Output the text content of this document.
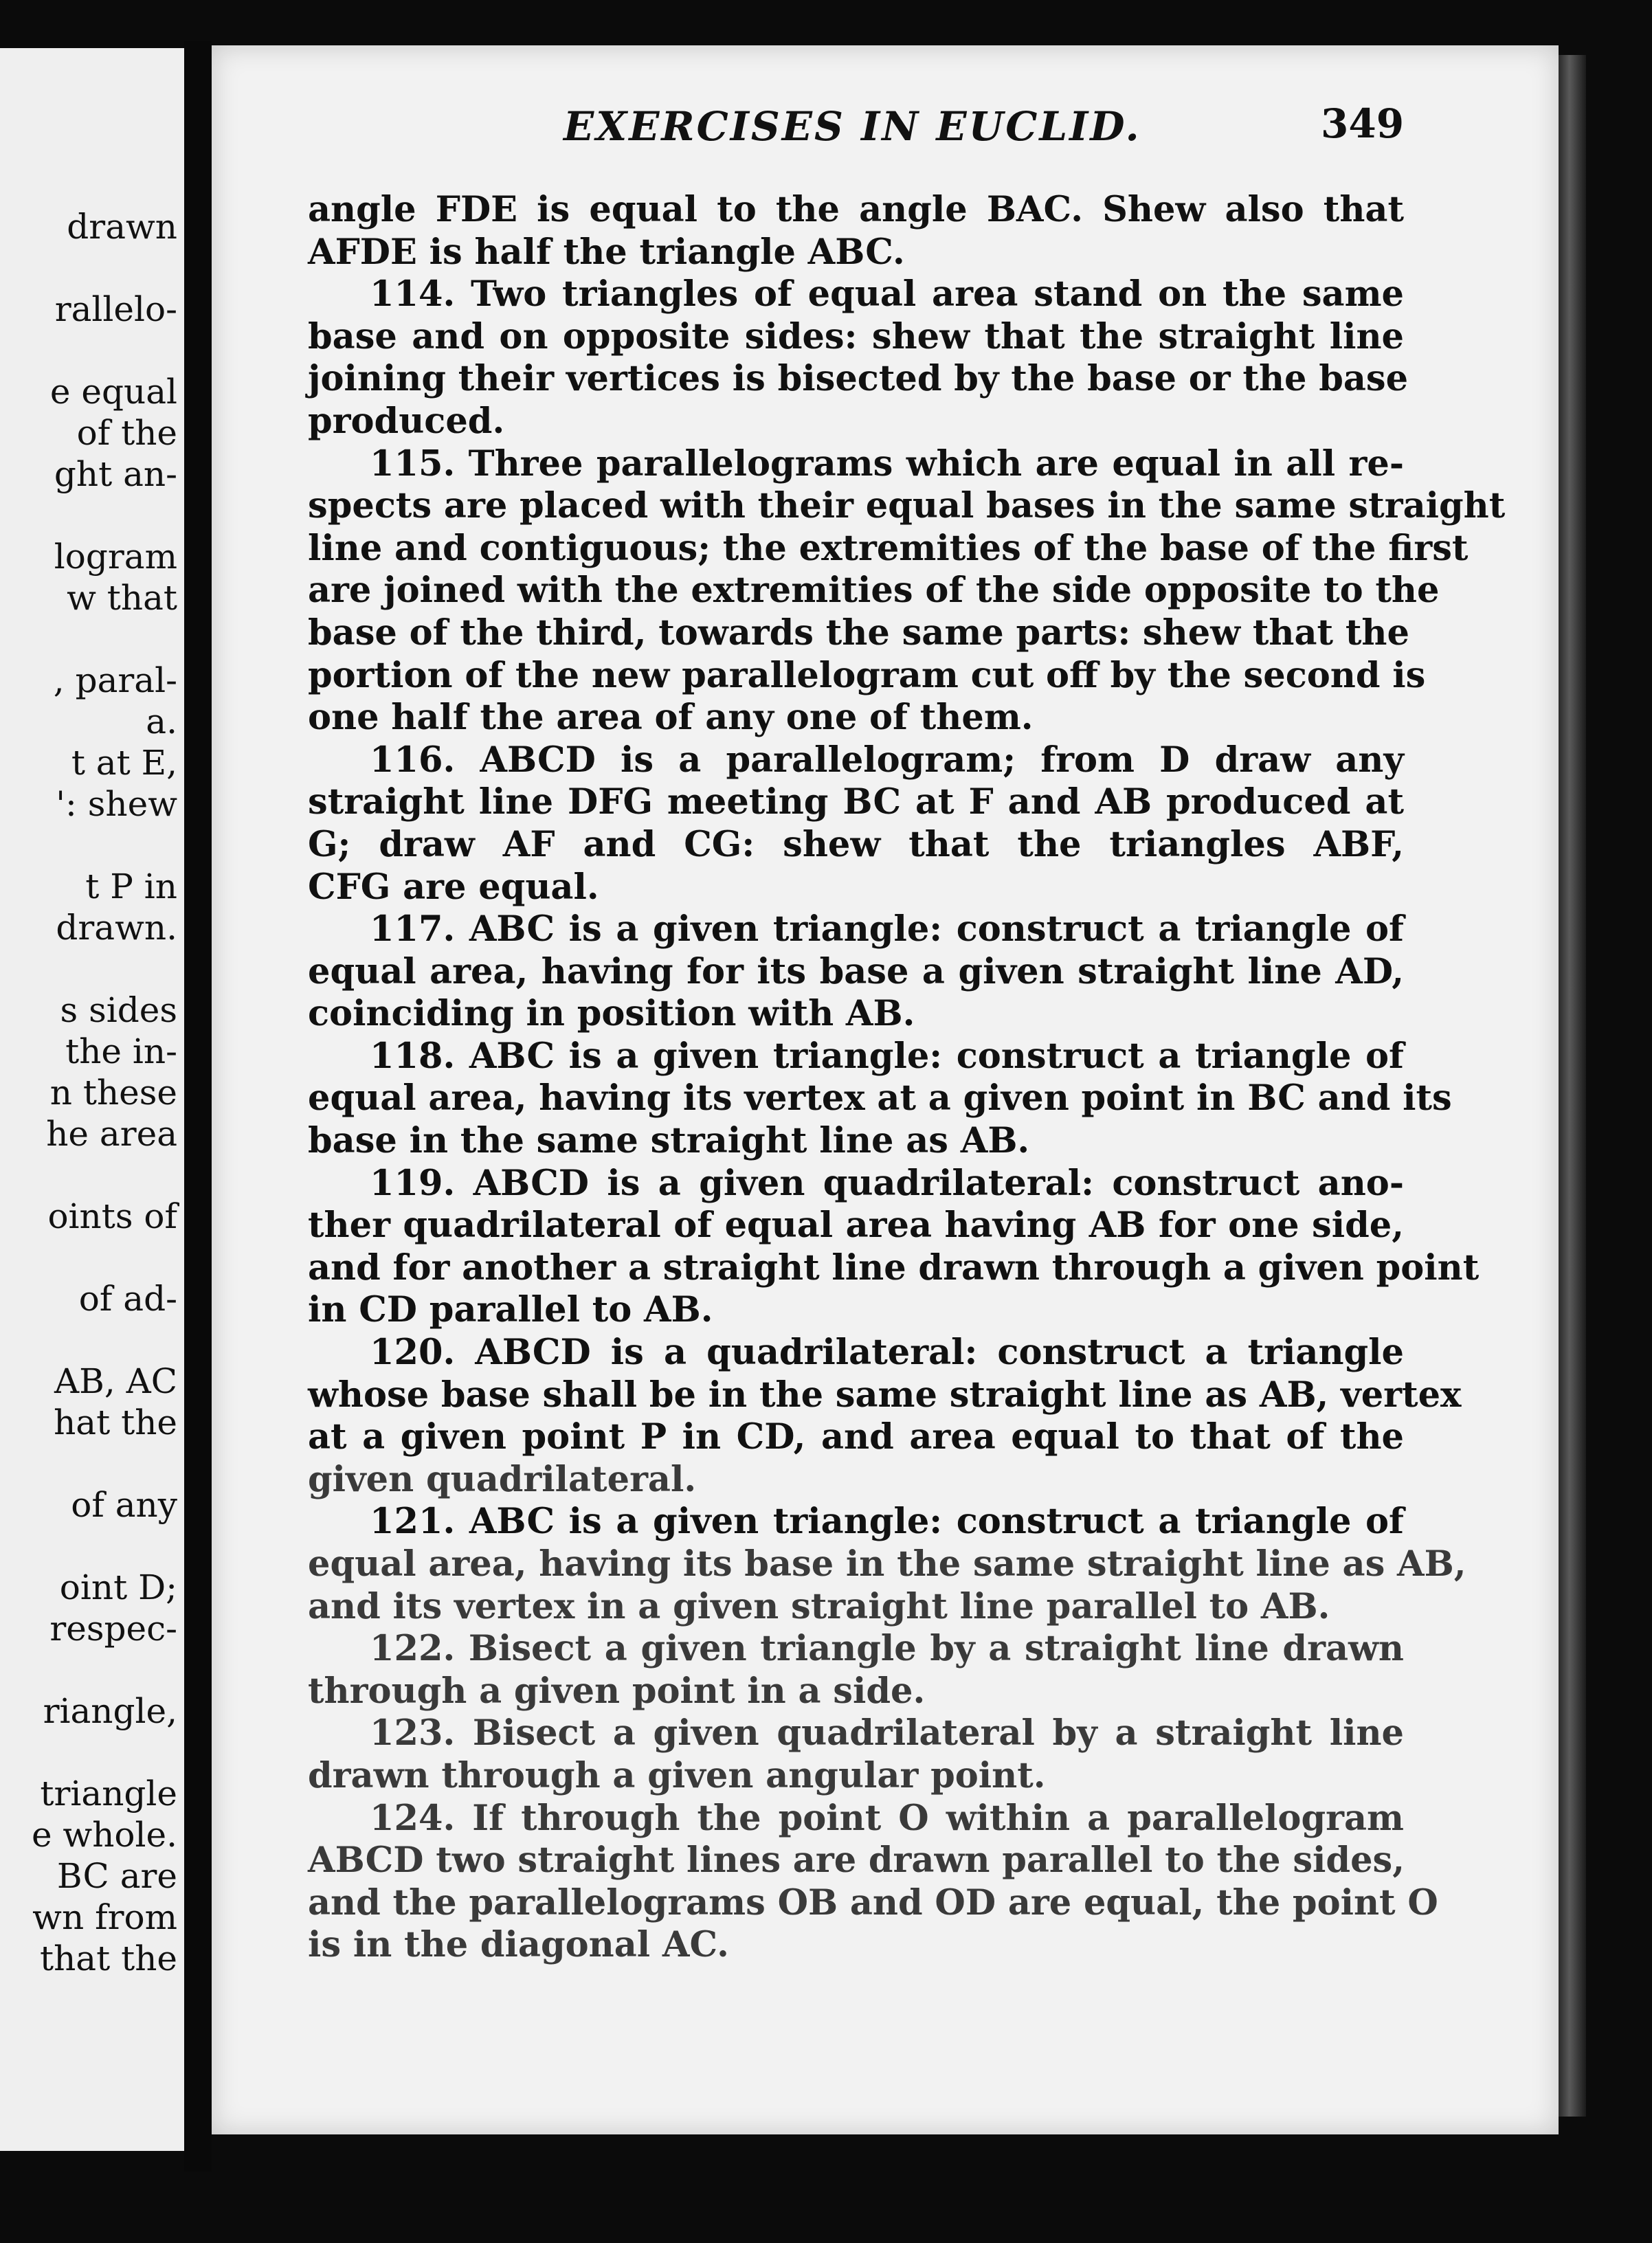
drawn
rallelo-
e equal
of the
ght an-
logram
w that
, paral-
a.
t at E,
': shew
t P in
drawn.
s sides
the in-
n these
he area
oints of
of ad-
AB, AC
hat the
of any
oint D;
respec-
riangle,
triangle
e whole.
BC are
wn from
that the
EXERCISES IN EUCLID.	349
angle FDE is equal to the angle BAC. Shew also that
AFDE is half the triangle ABC.
114. Two triangles of equal area stand on the same
base and on opposite sides: shew that the straight line
joining their vertices is bisected by the base or the base
produced.
115. Three parallelograms which are equal in all re-
spects are placed with their equal bases in the same straight
line and contiguous; the extremities of the base of the first
are joined with the extremities of the side opposite to the
base of the third, towards the same parts: shew that the
portion of the new parallelogram cut off by the second is
one half the area of any one of them.
116. ABCD is a parallelogram; from D draw any
straight line DFG meeting BC at F and AB produced at
G; draw AF and CG: shew that the triangles ABF,
CFG are equal.
117. ABC is a given triangle: construct a triangle of
equal area, having for its base a given straight line AD,
coinciding in position with AB.
118. ABC is a given triangle: construct a triangle of
equal area, having its vertex at a given point in BC and its
base in the same straight line as AB.
119. ABCD is a given quadrilateral: construct ano-
ther quadrilateral of equal area having AB for one side,
and for another a straight line drawn through a given point
in CD parallel to AB.
120. ABCD is a quadrilateral: construct a triangle
whose base shall be in the same straight line as AB, vertex
at a given point P in CD, and area equal to that of the
given quadrilateral.
121. ABC is a given triangle: construct a triangle of
equal area, having its base in the same straight line as AB,
and its vertex in a given straight line parallel to AB.
122. Bisect a given triangle by a straight line drawn
through a given point in a side.
123. Bisect a given quadrilateral by a straight line
drawn through a given angular point.
124. If through the point O within a parallelogram
ABCD two straight lines are drawn parallel to the sides,
and the parallelograms OB and OD are equal, the point O
is in the diagonal AC.
